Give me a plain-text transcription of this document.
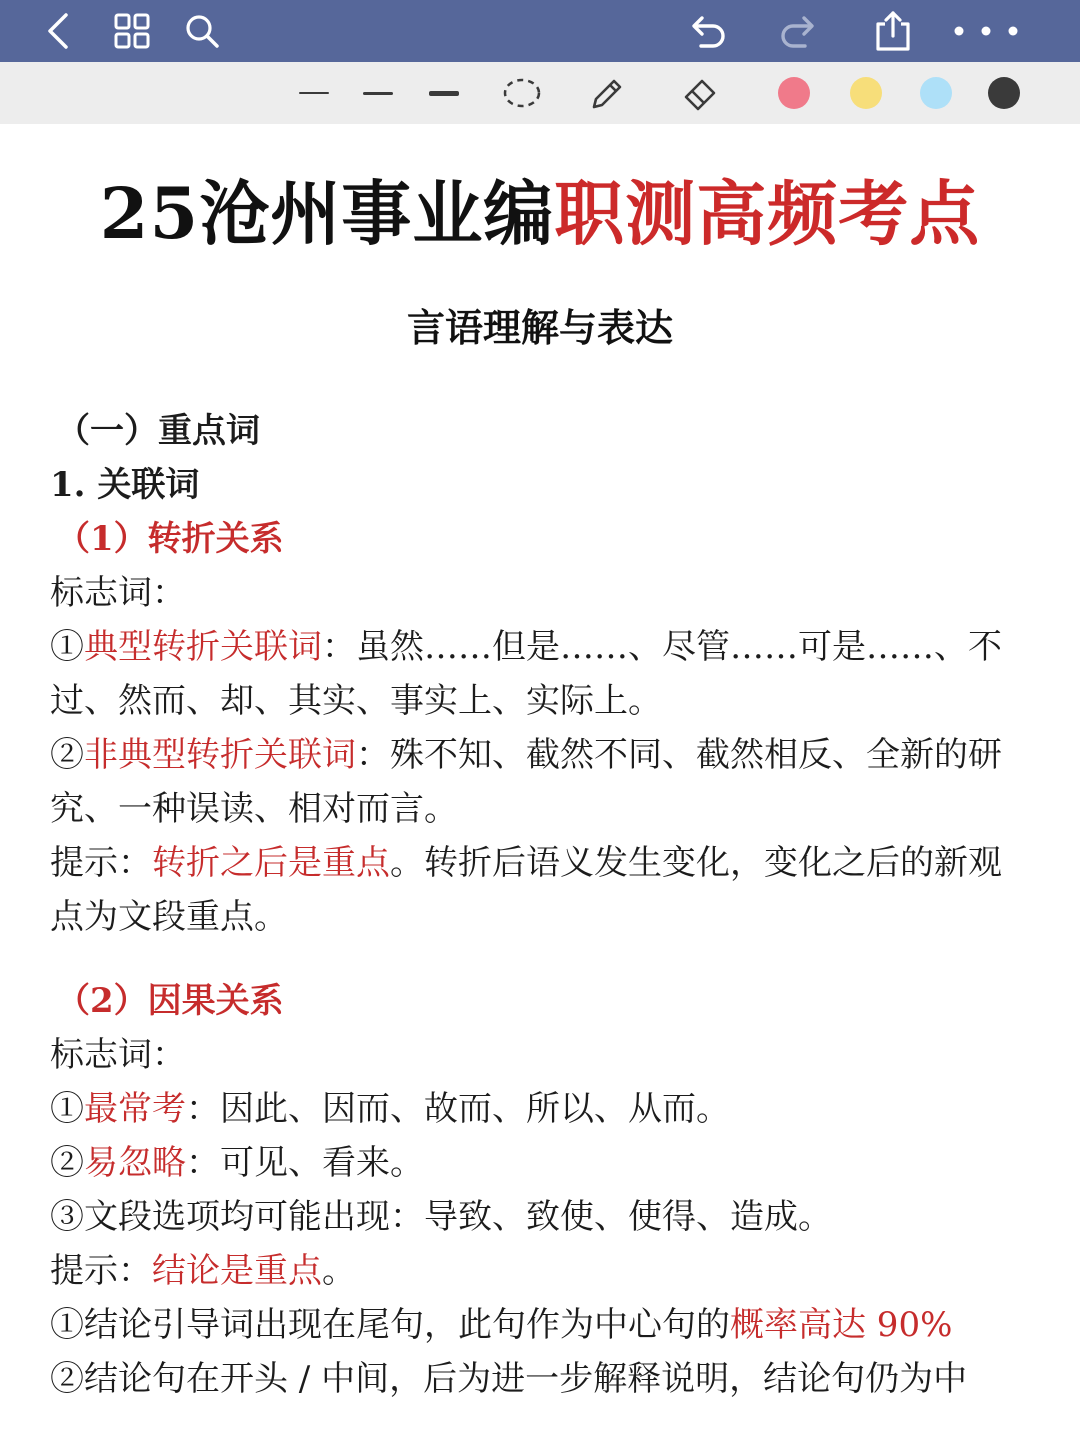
25沧州事业编职测高频考点
言语理解与表达
（一）重点词
1. 关联词
（1）转折关系
标志词：
①典型转折关联词：虽然……但是……、尽管……可是……、不
过、然而、却、其实、事实上、实际上。
②非典型转折关联词：殊不知、截然不同、截然相反、全新的研
究、一种误读、相对而言。
提示：转折之后是重点。转折后语义发生变化，变化之后的新观
点为文段重点。
（2）因果关系
标志词：
①最常考：因此、因而、故而、所以、从而。
②易忽略：可见、看来。
③文段选项均可能出现：导致、致使、使得、造成。
提示：结论是重点。
①结论引导词出现在尾句，此句作为中心句的概率高达 90%
②结论句在开头 / 中间，后为进一步解释说明，结论句仍为中
